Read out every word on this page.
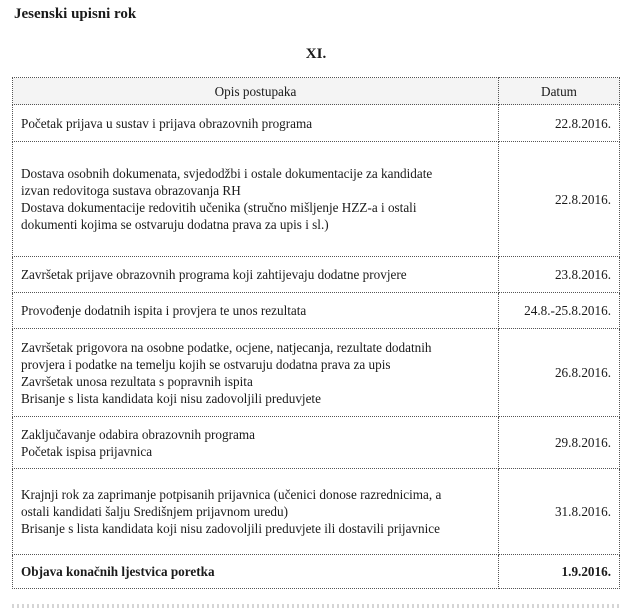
Jesenski upisni rok
XI.
Opis postupaka	Datum

Početak prijava u sustav i prijava obrazovnih programa	22.8.2016.

Dostava osobnih dokumenata, svjedodžbi i ostale dokumentacije za kandidate
izvan redovitoga sustava obrazovanja RH
Dostava dokumentacije redovitih učenika (stručno mišljenje HZZ-a i ostali
dokumenti kojima se ostvaruju dodatna prava za upis i sl.)	22.8.2016.

Završetak prijave obrazovnih programa koji zahtijevaju dodatne provjere	23.8.2016.

Provođenje dodatnih ispita i provjera te unos rezultata	24.8.-25.8.2016.

Završetak prigovora na osobne podatke, ocjene, natjecanja, rezultate dodatnih
provjera i podatke na temelju kojih se ostvaruju dodatna prava za upis
Završetak unosa rezultata s popravnih ispita
Brisanje s lista kandidata koji nisu zadovoljili preduvjete	26.8.2016.

Zaključavanje odabira obrazovnih programa
Početak ispisa prijavnica	29.8.2016.

Krajnji rok za zaprimanje potpisanih prijavnica (učenici donose razrednicima, a
ostali kandidati šalju Središnjem prijavnom uredu)
Brisanje s lista kandidata koji nisu zadovoljili preduvjete ili dostavili prijavnice	31.8.2016.

Objava konačnih ljestvica poretka	1.9.2016.
